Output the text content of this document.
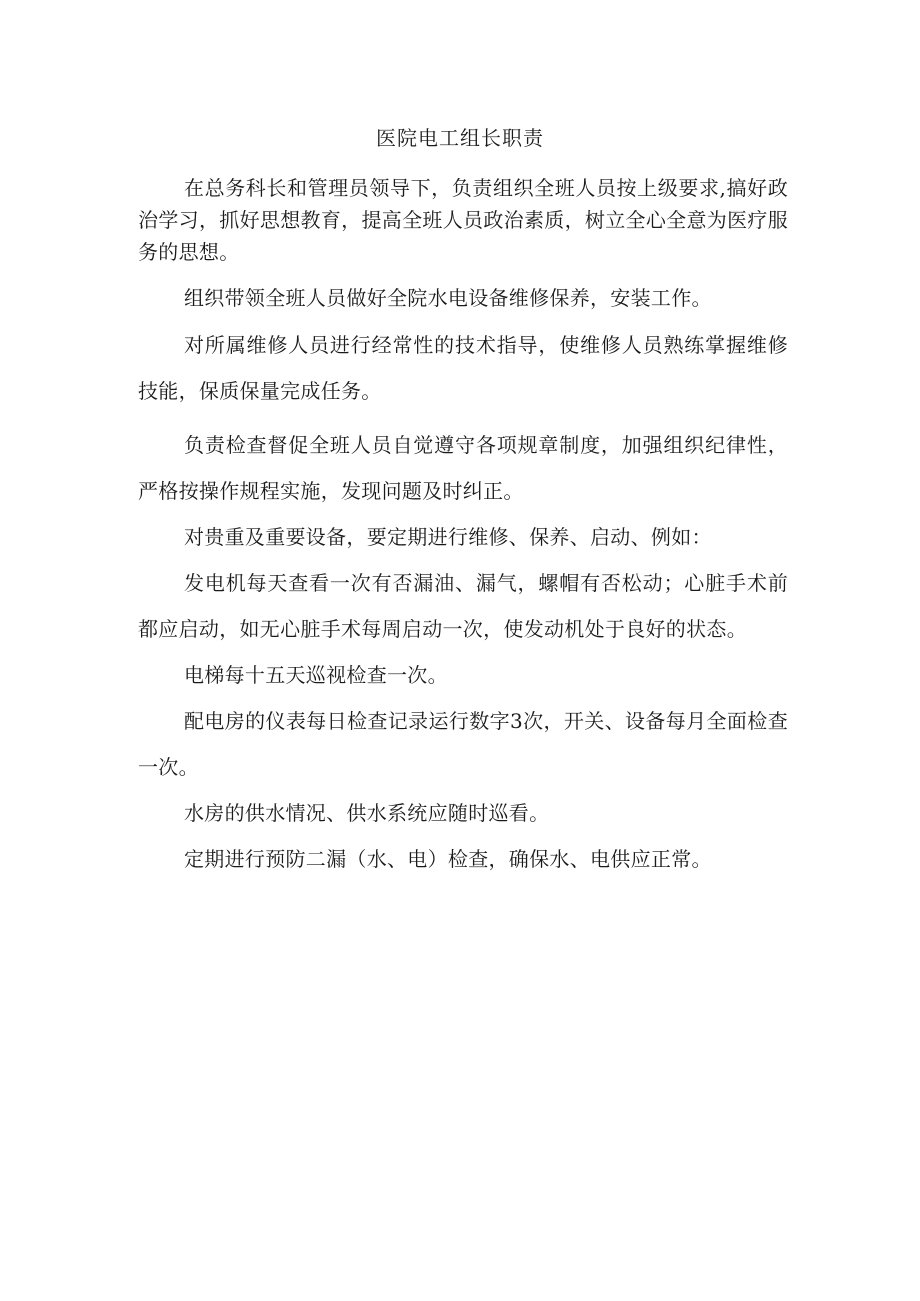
医院电工组长职责

在总务科长和管理员领导下，负责组织全班人员按上级要求,搞好政治学习，抓好思想教育，提高全班人员政治素质，树立全心全意为医疗服务的思想。

组织带领全班人员做好全院水电设备维修保养，安装工作。

对所属维修人员进行经常性的技术指导，使维修人员熟练掌握维修技能，保质保量完成任务。

负责检查督促全班人员自觉遵守各项规章制度，加强组织纪律性，严格按操作规程实施，发现问题及时纠正。

对贵重及重要设备，要定期进行维修、保养、启动、例如：

发电机每天查看一次有否漏油、漏气，螺帽有否松动；心脏手术前都应启动，如无心脏手术每周启动一次，使发动机处于良好的状态。

电梯每十五天巡视检查一次。

配电房的仪表每日检查记录运行数字3次，开关、设备每月全面检查一次。

水房的供水情况、供水系统应随时巡看。

定期进行预防二漏（水、电）检查，确保水、电供应正常。
